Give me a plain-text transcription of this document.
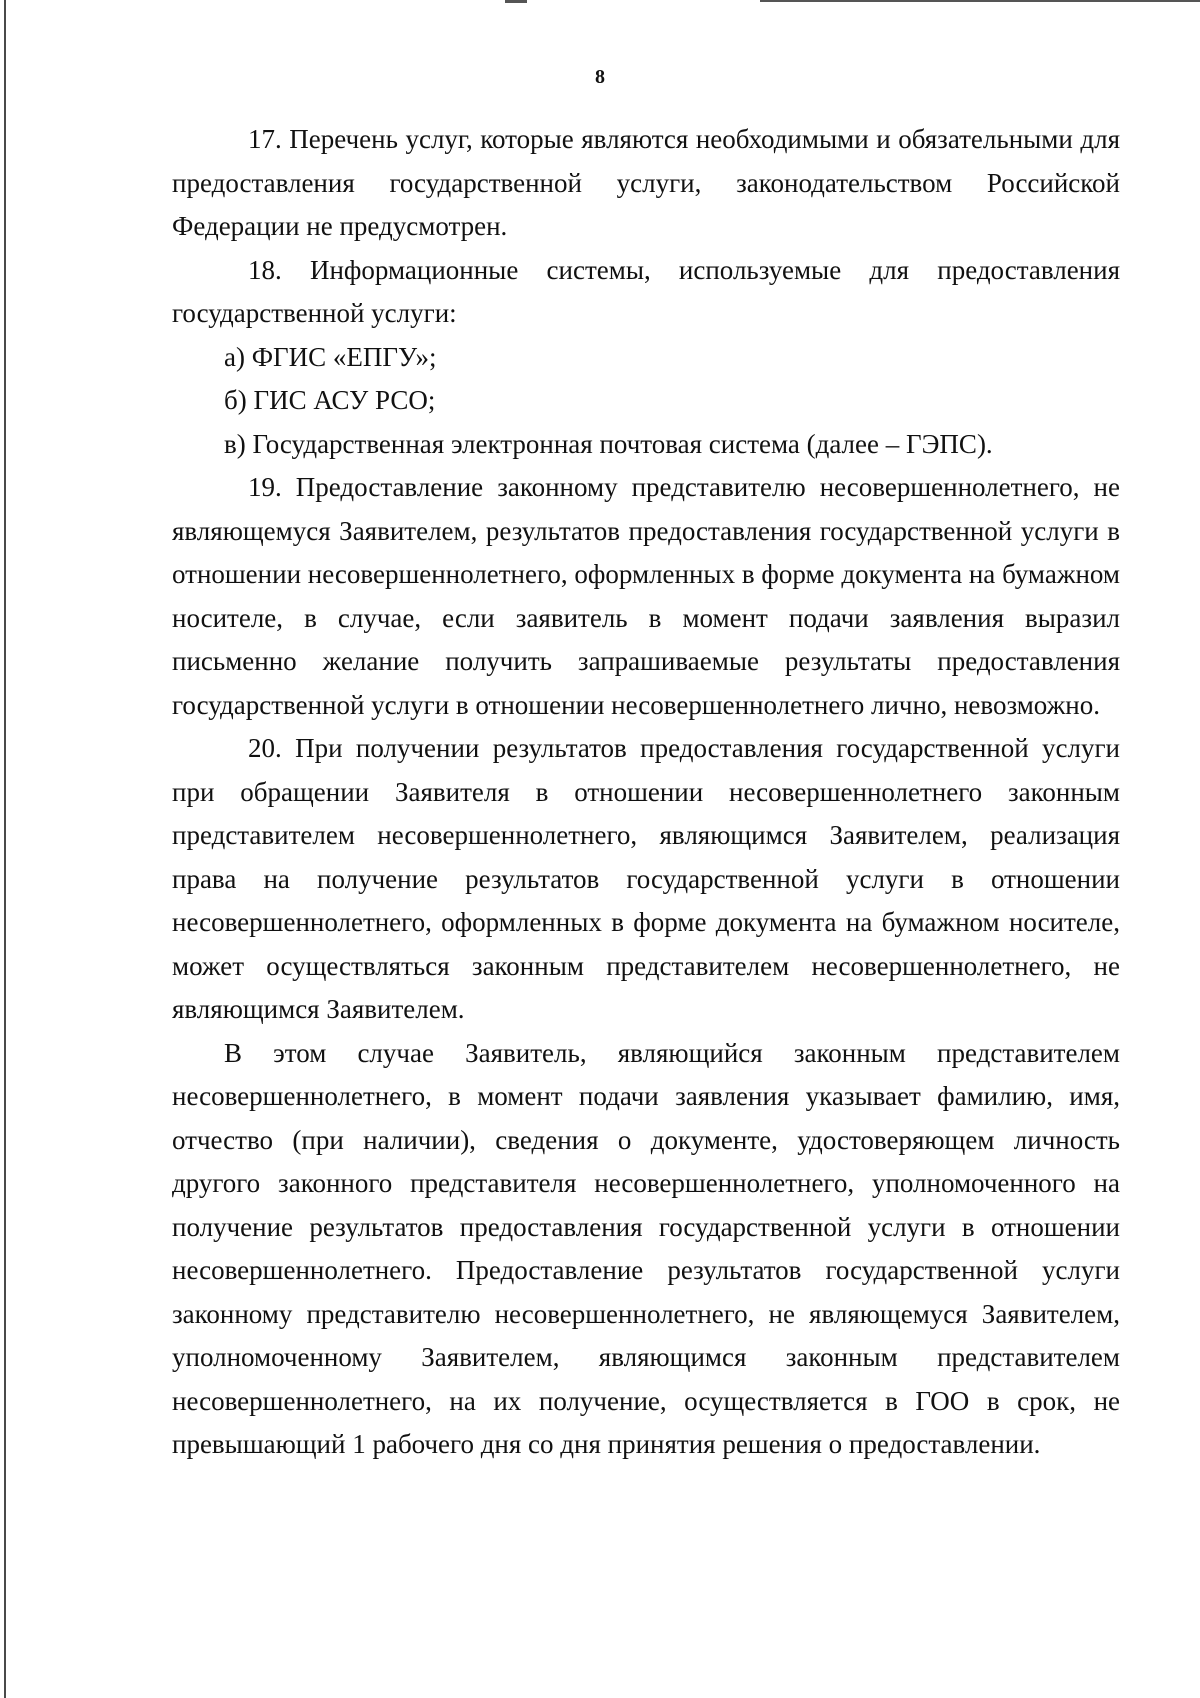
8

17. Перечень услуг, которые являются необходимыми и обязательными для предоставления государственной услуги, законодательством Российской Федерации не предусмотрен.

18. Информационные системы, используемые для предоставления государственной услуги:

а) ФГИС «ЕПГУ»;

б) ГИС АСУ РСО;

в) Государственная электронная почтовая система (далее – ГЭПС).

19. Предоставление законному представителю несовершеннолетнего, не являющемуся Заявителем, результатов предоставления государственной услуги в отношении несовершеннолетнего, оформленных в форме документа на бумажном носителе, в случае, если заявитель в момент подачи заявления выразил письменно желание получить запрашиваемые результаты предоставления государственной услуги в отношении несовершеннолетнего лично, невозможно.

20. При получении результатов предоставления государственной услуги при обращении Заявителя в отношении несовершеннолетнего законным представителем несовершеннолетнего, являющимся Заявителем, реализация права на получение результатов государственной услуги в отношении несовершеннолетнего, оформленных в форме документа на бумажном носителе, может осуществляться законным представителем несовершеннолетнего, не являющимся Заявителем.

В этом случае Заявитель, являющийся законным представителем несовершеннолетнего, в момент подачи заявления указывает фамилию, имя, отчество (при наличии), сведения о документе, удостоверяющем личность другого законного представителя несовершеннолетнего, уполномоченного на получение результатов предоставления государственной услуги в отношении несовершеннолетнего. Предоставление результатов государственной услуги законному представителю несовершеннолетнего, не являющемуся Заявителем, уполномоченному Заявителем, являющимся законным представителем несовершеннолетнего, на их получение, осуществляется в ГОО в срок, не превышающий 1 рабочего дня со дня принятия решения о предоставлении.
